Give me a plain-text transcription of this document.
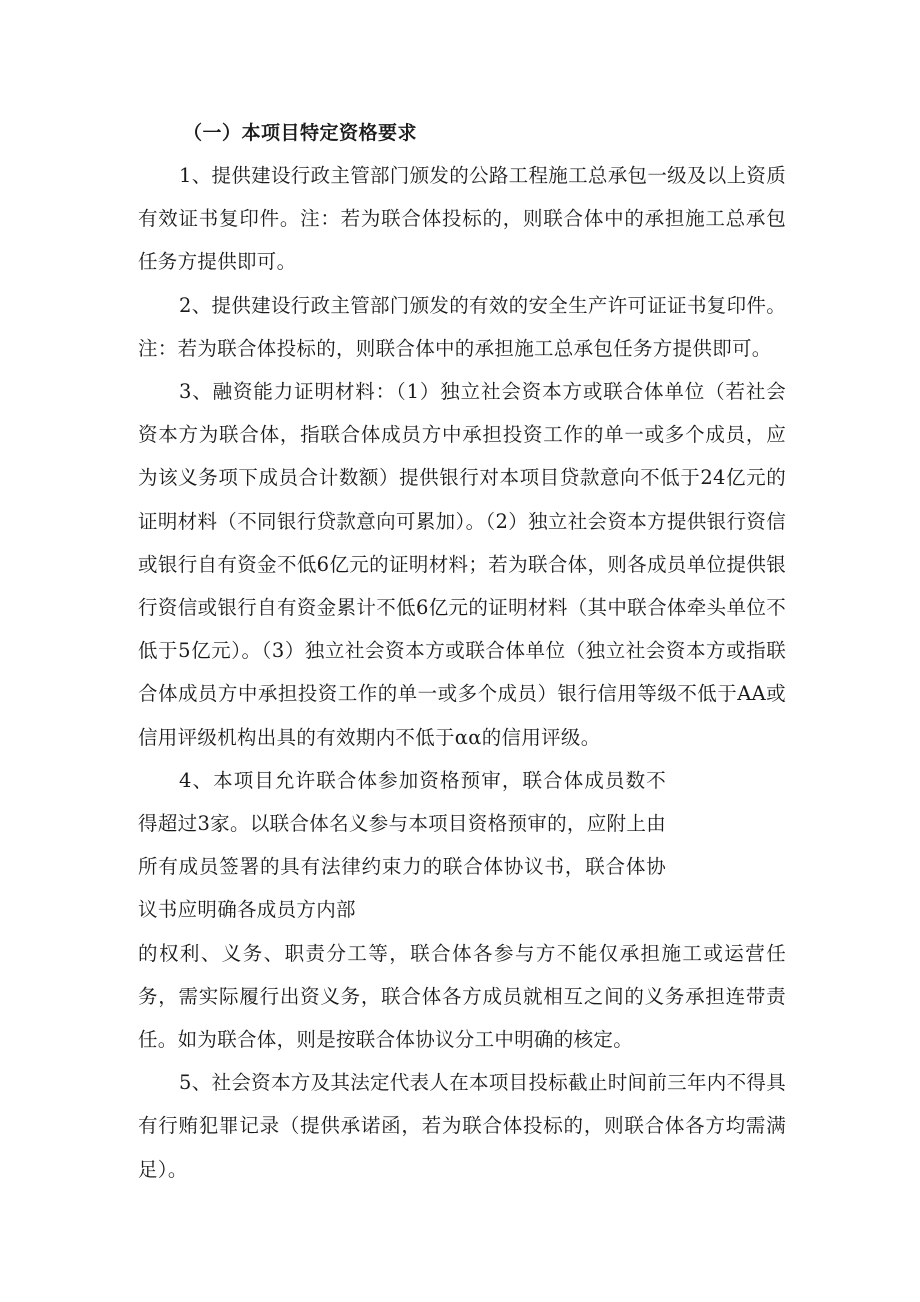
（一）本项目特定资格要求

1、提供建设行政主管部门颁发的公路工程施工总承包一级及以上资质有效证书复印件。注：若为联合体投标的，则联合体中的承担施工总承包任务方提供即可。

2、提供建设行政主管部门颁发的有效的安全生产许可证证书复印件。注：若为联合体投标的，则联合体中的承担施工总承包任务方提供即可。

3、融资能力证明材料：（1）独立社会资本方或联合体单位（若社会资本方为联合体，指联合体成员方中承担投资工作的单一或多个成员，应为该义务项下成员合计数额）提供银行对本项目贷款意向不低于24亿元的证明材料（不同银行贷款意向可累加）。（2）独立社会资本方提供银行资信或银行自有资金不低6亿元的证明材料；若为联合体，则各成员单位提供银行资信或银行自有资金累计不低6亿元的证明材料（其中联合体牵头单位不低于5亿元）。（3）独立社会资本方或联合体单位（独立社会资本方或指联合体成员方中承担投资工作的单一或多个成员）银行信用等级不低于AA或信用评级机构出具的有效期内不低于αα的信用评级。

4、本项目允许联合体参加资格预审，联合体成员数不得超过3家。以联合体名义参与本项目资格预审的，应附上由所有成员签署的具有法律约束力的联合体协议书，联合体协议书应明确各成员方内部

的权利、义务、职责分工等，联合体各参与方不能仅承担施工或运营任务，需实际履行出资义务，联合体各方成员就相互之间的义务承担连带责任。如为联合体，则是按联合体协议分工中明确的核定。

5、社会资本方及其法定代表人在本项目投标截止时间前三年内不得具有行贿犯罪记录（提供承诺函，若为联合体投标的，则联合体各方均需满足）。
